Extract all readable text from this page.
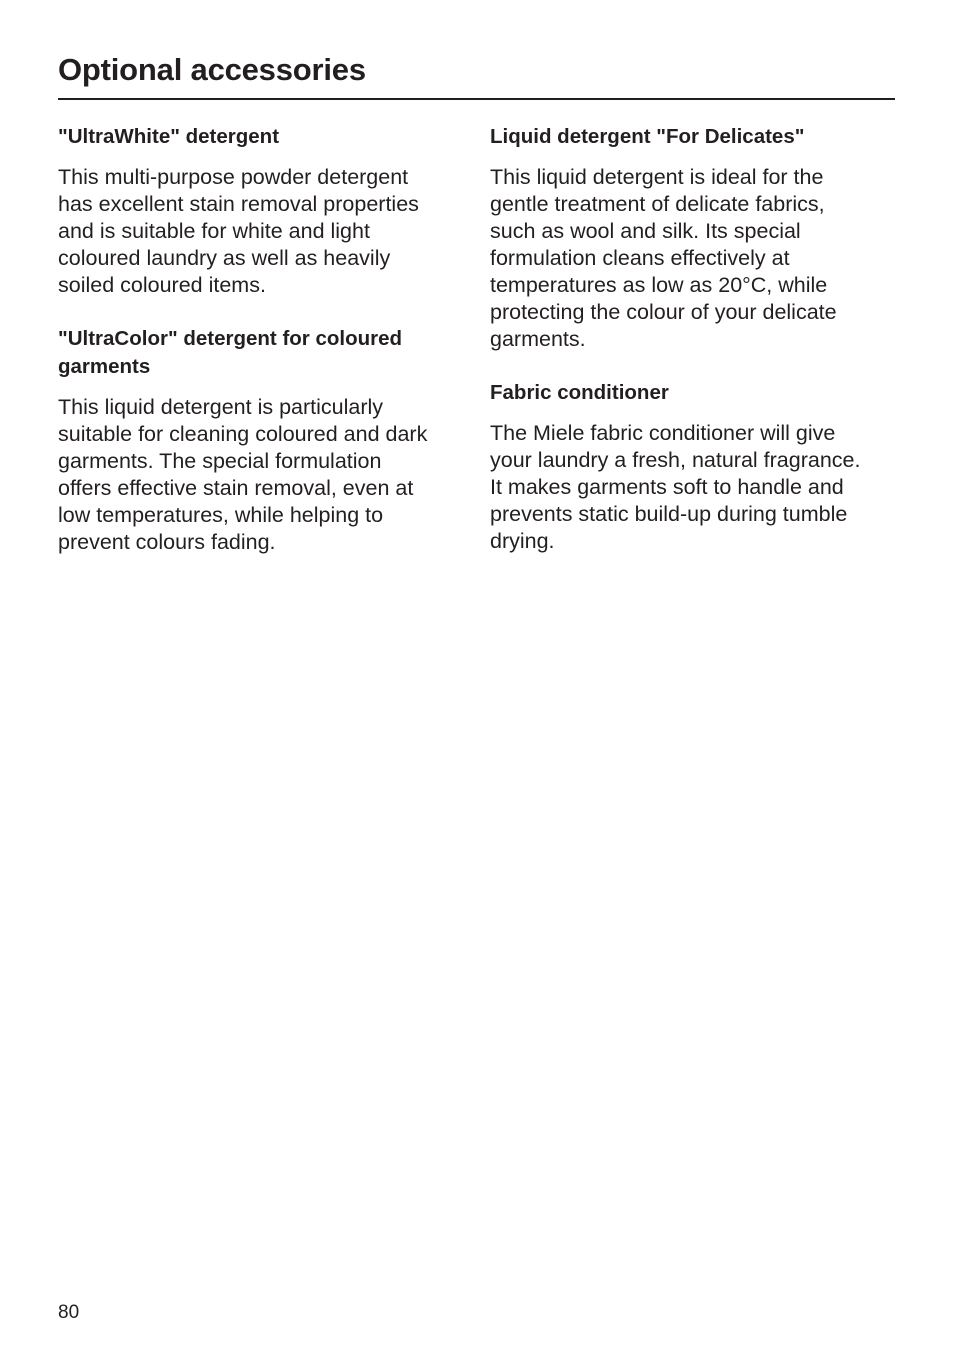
Optional accessories
"UltraWhite" detergent

This multi-purpose powder detergent
has excellent stain removal properties
and is suitable for white and light
coloured laundry as well as heavily
soiled coloured items.

"UltraColor" detergent for coloured
garments

This liquid detergent is particularly
suitable for cleaning coloured and dark
garments. The special formulation
offers effective stain removal, even at
low temperatures, while helping to
prevent colours fading.

Liquid detergent "For Delicates"

This liquid detergent is ideal for the
gentle treatment of delicate fabrics,
such as wool and silk. Its special
formulation cleans effectively at
temperatures as low as 20°C, while
protecting the colour of your delicate
garments.

Fabric conditioner

The Miele fabric conditioner will give
your laundry a fresh, natural fragrance.
It makes garments soft to handle and
prevents static build-up during tumble
drying.

80
